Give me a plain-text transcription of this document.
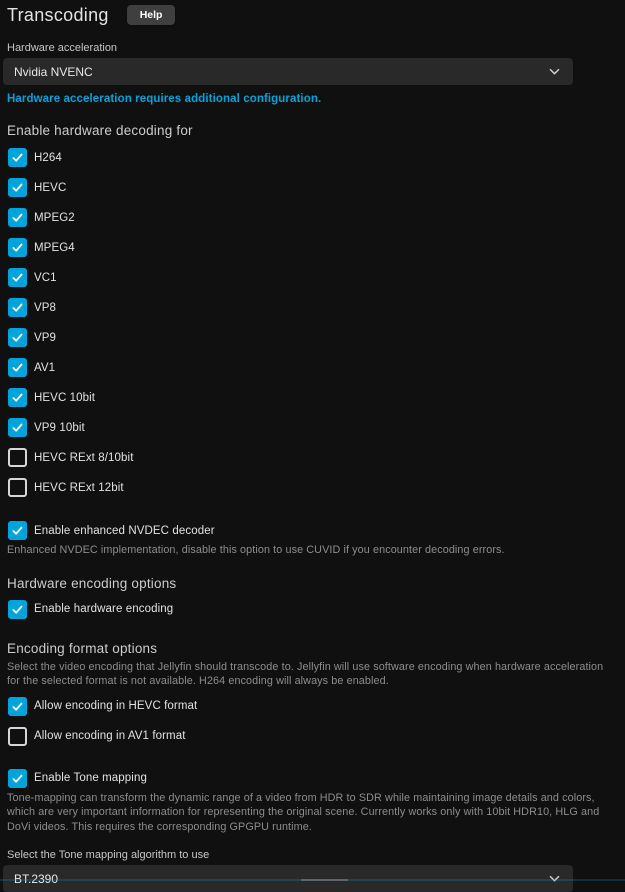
Transcoding	Help
Hardware acceleration
Nvidia NVENC
Hardware acceleration requires additional configuration.
Enable hardware decoding for
H264
HEVC
MPEG2
MPEG4
VC1
VP8
VP9
AV1
HEVC 10bit
VP9 10bit
HEVC RExt 8/10bit
HEVC RExt 12bit
Enable enhanced NVDEC decoder
Enhanced NVDEC implementation, disable this option to use CUVID if you encounter decoding errors.
Hardware encoding options
Enable hardware encoding
Encoding format options
Select the video encoding that Jellyfin should transcode to. Jellyfin will use software encoding when hardware acceleration for the selected format is not available. H264 encoding will always be enabled.
Allow encoding in HEVC format
Allow encoding in AV1 format
Enable Tone mapping
Tone-mapping can transform the dynamic range of a video from HDR to SDR while maintaining image details and colors, which are very important information for representing the original scene. Currently works only with 10bit HDR10, HLG and DoVi videos. This requires the corresponding GPGPU runtime.
Select the Tone mapping algorithm to use
BT.2390
